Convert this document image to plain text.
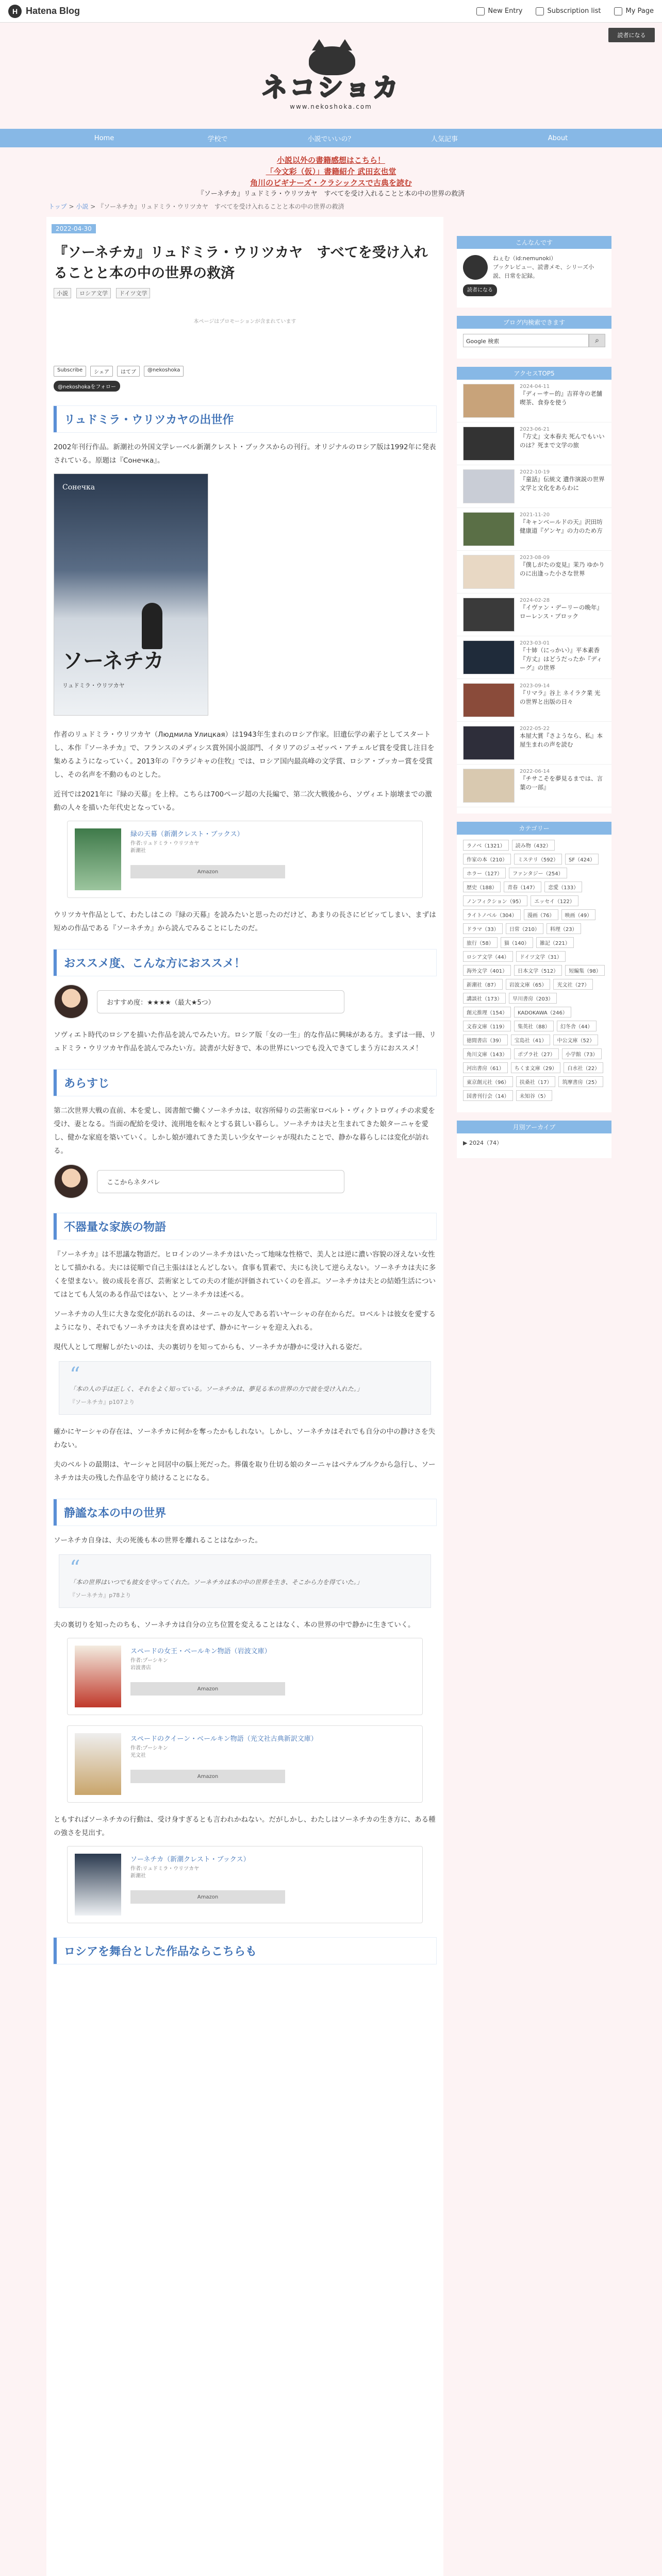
H Hatena Blog	New Entry	Subscription list	My Page
読者になる
ネコショカ
www.nekoshoka.com
Home	学校で	小説でいいの？	人気記事	About
小説以外の書籍感想はこちら！
「今文彩（仮）」書籍紹介 武田玄也堂
角川のビギナーズ・クラシックスで古典を読む
『ソーネチカ』リュドミラ・ウリツカヤ　すべてを受け入れることと本の中の世界の救済
トップ > 小説 > 『ソーネチカ』リュドミラ・ウリツカヤ　すべてを受け入れることと本の中の世界の救済
2022-04-30
『ソーネチカ』リュドミラ・ウリツカヤ　すべてを受け入れることと本の中の世界の救済
小説	ロシア文学	ドイツ文学
本ページはプロモーションが含まれています
Subscribe	シェア	はてブ	@nekoshoka
@nekoshokaをフォロー
リュドミラ・ウリツカヤの出世作
2002年刊行作品。新潮社の外国文学レーベル新潮クレスト・ブックスからの刊行。オリジナルのロシア版は1992年に発表されている。原題は『Сонечка』。
Сонечка
ソーネチカ
リュドミラ・ウリツカヤ
作者のリュドミラ・ウリツカヤ（Людмила Улицкая）は1943年生まれのロシア作家。旧遺伝学の素子としてスタートし、本作『ソーネチカ』で、フランスのメディシス賞外国小説部門、イタリアのジュゼッペ・アチェルビ賞を受賞し注目を集めるようになっていく。2013年の『ウラジキャの住牧』では、ロシア国内最高峰の文学賞、ロシア・ブッカー賞を受賞し、その名声を不動のものとした。
近刊では2021年に『緑の天幕』を上梓。こちらは700ページ超の大長編で、第二次大戦後から、ソヴィエト崩壊までの激動の人々を描いた年代史となっている。
緑の天幕（新潮クレスト・ブックス）
作者:リュドミラ・ウリツカヤ
新潮社
Amazon
ウリツカヤ作品として、わたしはこの『緑の天幕』を読みたいと思ったのだけど、あまりの長さにビビッてしまい、まずは短めの作品である『ソーネチカ』から読んでみることにしたのだ。
おススメ度、こんな方におススメ！
おすすめ度：★★★★（最大★5つ）
ソヴィエト時代のロシアを描いた作品を読んでみたい方。ロシア版「女の一生」的な作品に興味がある方。まずは一冊、リュドミラ・ウリツカヤ作品を読んでみたい方。読書が大好きで、本の世界にいつでも没入できてしまう方におススメ！
あらすじ
第二次世界大戦の直前、本を愛し、図書館で働くソーネチカは、収容所帰りの芸術家ロベルト・ヴィクトロヴィチの求愛を受け、妻となる。当面の配給を受け、流刑地を転々とする貧しい暮らし。ソーネチカは夫と生まれてきた娘ターニャを愛し、健かな家庭を築いていく。しかし娘が連れてきた美しい少女ヤーシャが現れたことで、静かな暮らしには変化が訪れる。
ここからネタバレ
不器量な家族の物語
『ソーネチカ』は不思議な物語だ。ヒロインのソーネチカはいたって地味な性格で、美人とは逆に濃い容貌の冴えない女性として描かれる。夫には従順で自己主張はほとんどしない。食事も質素で、夫にも決して逆らえない。ソーネチカは夫に多くを望まない。彼の成長を喜び、芸術家としての夫の才能が評価されていくのを喜ぶ。ソーネチカは夫との結婚生活についてはとても人気のある作品ではない、とソーネチカは述べる。
ソーネチカの人生に大きな変化が訪れるのは、ターニャの友人である若いヤーシャの存在からだ。ロベルトは彼女を愛するようになり、それでもソーネチカは夫を責めはせず、静かにヤーシャを迎え入れる。
現代人として理解しがたいのは、夫の裏切りを知ってからも、ソーネチカが静かに受け入れる姿だ。
“
「本の人の手は正しく、それをよく知っている。ソーネチカは、夢見る本の世界の力で彼を受け入れた。」
『ソーネチカ』p107より
確かにヤーシャの存在は、ソーネチカに何かを奪ったかもしれない。しかし、ソーネチカはそれでも自分の中の静けさを失わない。
夫のベルトの最期は、ヤーシャと同居中の脳上死だった。葬儀を取り仕切る娘のターニャはベテルブルクから急行し、ソーネチカは夫の残した作品を守り続けることになる。
静謐な本の中の世界
ソーネチカ自身は、夫の死後も本の世界を離れることはなかった。
“
「本の世界はいつでも彼女を守ってくれた。ソーネチカは本の中の世界を生き、そこから力を得ていた。」
『ソーネチカ』p78より
夫の裏切りを知ったのちも、ソーネチカは自分の立ち位置を変えることはなく、本の世界の中で静かに生きていく。
スペードの女王・ベールキン物語（岩波文庫）
作者:プーシキン
岩波書店
Amazon
スペードのクイーン・ベールキン物語（光文社古典新訳文庫）
作者:プーシキン
光文社
Amazon
ともすればソーネチカの行動は、受け身すぎるとも言われかねない。だがしかし、わたしはソーネチカの生き方に、ある種の強さを見出す。
ソーネチカ（新潮クレスト・ブックス）
作者:リュドミラ・ウリツカヤ
新潮社
Amazon
ロシアを舞台とした作品ならこちらも
こんなんです
ねぇむ（id:nemunoki）
ブックレビュー、読書メモ、シリーズ小説、日常を記録。
読者になる
ブログ内検索できます
Google 検索	⌕
アクセスTOP5
2024-04-11
『ディーサー的』吉祥寺の老舗喫茶、食券を使う
2023-06-21
『方丈』文本春夫 死んでもいいのは？死まで文学の旅
2022-10-19
『童話』伝統文 遺作演説の世界文学と文化をあらわに
2021-11-20
『キャンベールドの天』沢田坊 健康道『ゲンヤ』の力のため方
2023-08-09
『僕しがたの変見』茉乃 ゆかりのに出逢った小さな世界
2024-02-28
『イヴァン・デーリーの晩年』ローレンス・ブロック
2023-03-01
『十姉（にっかい）』平本素香 『方丈』はどうだったか『ディーグ』の世界
2023-09-14
『リマラ』谷上 ネイラク業 光の世界と出版の日々
2022-05-22
本屋大賞『さようなら、私』本屋生まれの声を読む
2022-06-14
『チサこそを夢見るまでは、言葉の一部』
カテゴリー
ラノベ（1321）	読み物（432）
作家の本（210）	ミステリ（592）	SF（424）
ホラー（127）	ファンタジー（254）
歴史（188）	青春（147）	恋愛（133）
ノンフィクション（95）	エッセイ（122）
ライトノベル（304）	漫画（76）	映画（49）
ドラマ（33）	日常（210）	料理（23）
旅行（58）	猫（140）	雑記（221）
ロシア文学（44）	ドイツ文学（31）
海外文学（401）	日本文学（512）	短編集（98）
新潮社（87）	岩波文庫（65）	光文社（27）
講談社（173）	早川書房（203）
創元推理（154）	KADOKAWA（246）
文春文庫（119）	集英社（88）	幻冬舎（44）
徳間書店（39）	宝島社（41）	中公文庫（52）
角川文庫（143）	ポプラ社（27）	小学館（73）
河出書房（61）	ちくま文庫（29）	白水社（22）
東京創元社（96）	扶桑社（17）	筑摩書房（25）
国書刊行会（14）	未知谷（5）
月別アーカイブ
▶ 2024（74）
